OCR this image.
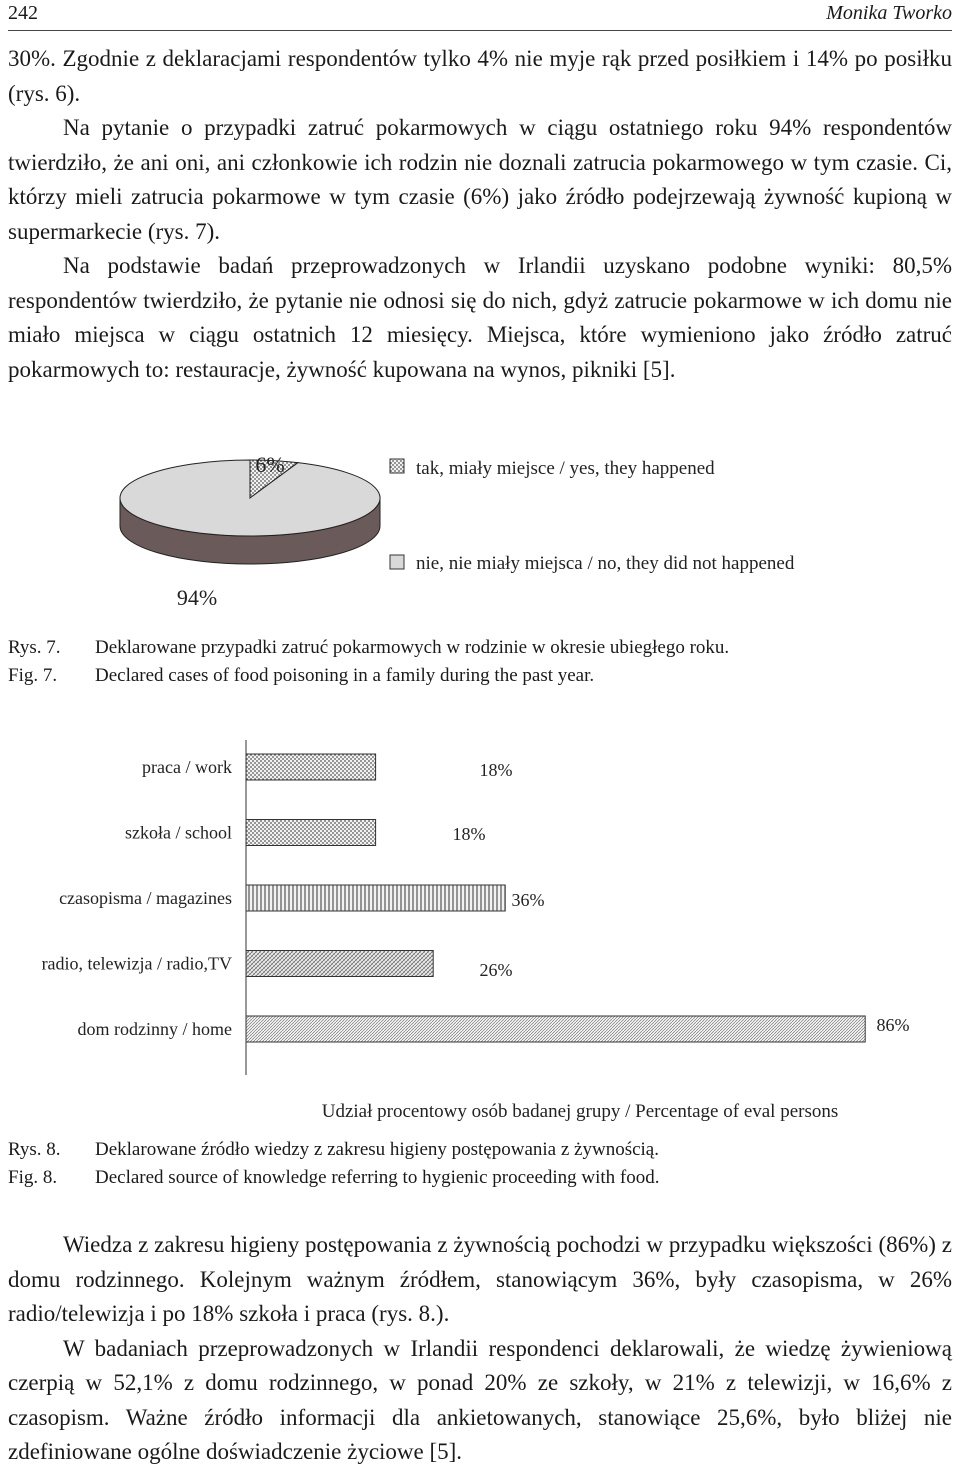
242	Monika Tworko

30%. Zgodnie z deklaracjami respondentów tylko 4% nie myje rąk przed posiłkiem i 14% po posiłku (rys. 6).

Na pytanie o przypadki zatruć pokarmowych w ciągu ostatniego roku 94% respondentów twierdziło, że ani oni, ani członkowie ich rodzin nie doznali zatrucia pokarmowego w tym czasie. Ci, którzy mieli zatrucia pokarmowe w tym czasie (6%) jako źródło podejrzewają żywność kupioną w supermarkecie (rys. 7).

Na podstawie badań przeprowadzonych w Irlandii uzyskano podobne wyniki: 80,5% respondentów twierdziło, że pytanie nie odnosi się do nich, gdyż zatrucie pokarmowe w ich domu nie miało miejsca w ciągu ostatnich 12 miesięcy. Miejsca, które wymieniono jako źródło zatruć pokarmowych to: restauracje, żywność kupowana na wynos, pikniki [5].

6%
94%
tak, miały miejsce / yes, they happened
nie, nie miały miejsca / no, they did not happened
Rys. 7.	Deklarowane przypadki zatruć pokarmowych w rodzinie w okresie ubiegłego roku.
Fig. 7.	Declared cases of food poisoning in a family during the past year.
praca / work	18%
szkoła / school	18%
czasopisma / magazines	36%
radio, telewizja / radio,TV	26%
dom rodzinny / home	86%
Udział procentowy osób badanej grupy / Percentage of eval persons
Rys. 8.	Deklarowane źródło wiedzy z zakresu higieny postępowania z żywnością.
Fig. 8.	Declared source of knowledge referring to hygienic proceeding with food.

Wiedza z zakresu higieny postępowania z żywnością pochodzi w przypadku większości (86%) z domu rodzinnego. Kolejnym ważnym źródłem, stanowiącym 36%, były czasopisma, w 26% radio/telewizja i po 18% szkoła i praca (rys. 8.).

W badaniach przeprowadzonych w Irlandii respondenci deklarowali, że wiedzę żywieniową czerpią w 52,1% z domu rodzinnego, w ponad 20% ze szkoły, w 21% z telewizji, w 16,6% z czasopism. Ważne źródło informacji dla ankietowanych, stanowiące 25,6%, było bliżej nie zdefiniowane ogólne doświadczenie życiowe [5].
